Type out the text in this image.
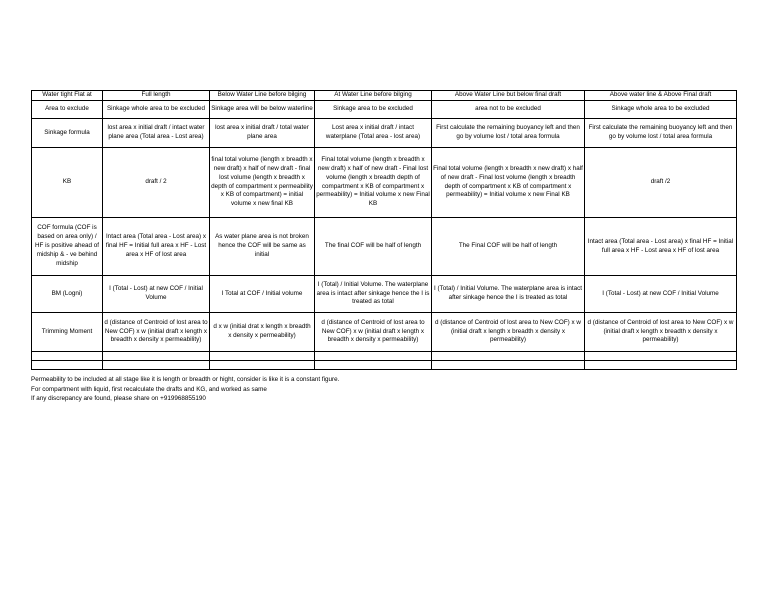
Water tight Flat at	Full length	Below Water Line before bilging	At Water Line before bilging	Above Water Line but below final draft	Above water line & Above Final draft
Area to exclude	Sinkage whole area to be excluded	Sinkage area will be below waterline	Sinkage area to be excluded	area not to be excluded	Sinkage whole area to be excluded
Sinkage formula	lost area x initial draft / intact water plane area (Total area - Lost area)	lost area x initial draft / total water plane area	Lost area x initial draft / intact waterplane (Total area - lost area)	First calculate the remaining buoyancy left and then go by volume lost / total area formula	First calculate the remaining buoyancy left and then go by volume lost / total area formula
KB	draft / 2	final total volume (length x breadth x new draft) x half of new draft - final lost volume (length x breadth x depth of compartment x permeability x KB of compartment) = initial volume x new final KB	Final total volume (length x breadth x new draft) x half of new draft - Final lost volume (length x breadth depth of compartment x KB of compartment x permeability) = Initial volume x new Final KB	Final total volume (length x breadth x new draft) x half of new draft - Final lost volume (length x breadth depth of compartment x KB of compartment x permeability) = Initial volume x new Final KB	draft /2
COF formula (COF is based on area only) / HF is positive ahead of midship & - ve behind midship	Intact area (Total area - Lost area) x final HF = Initial full area x HF - Lost area x HF of lost area	As water plane area is not broken hence the COF will be same as initial	The final COF will be half of length	The Final COF will be half of length	Intact area (Total area - Lost area) x final HF = Initial full area x HF - Lost area x HF of lost area
BM (Logni)	I (Total - Lost) at new COF / Initial Volume	I Total at COF / Initial volume	I (Total) / Initial Volume. The waterplane area is intact after sinkage hence the I is treated as total	I (Total) / Initial Volume. The waterplane area is intact after sinkage hence the I is treated as total	I (Total - Lost) at new COF / Initial Volume
Trimming Moment	d (distance of Centroid of lost area to New COF) x w (initial draft x length x breadth x density x permeability)	d x w (initial drat x length x breadth x density x permeability)	d (distance of Centroid of lost area to New COF) x w (initial draft x length x breadth x density x permeability)	d (distance of Centroid of lost area to New COF) x w (initial draft x length x breadth x density x permeability)	d (distance of Centroid of lost area to New COF) x w (initial draft x length x breadth x density x permeability)

Permeability to be included at all stage like it is length or breadth or hight, consider is like it is a constant figure.
For compartment with liquid, first recalculate the drafts and KG, and worked as same
If any discrepancy are found, please share on +919968855190
